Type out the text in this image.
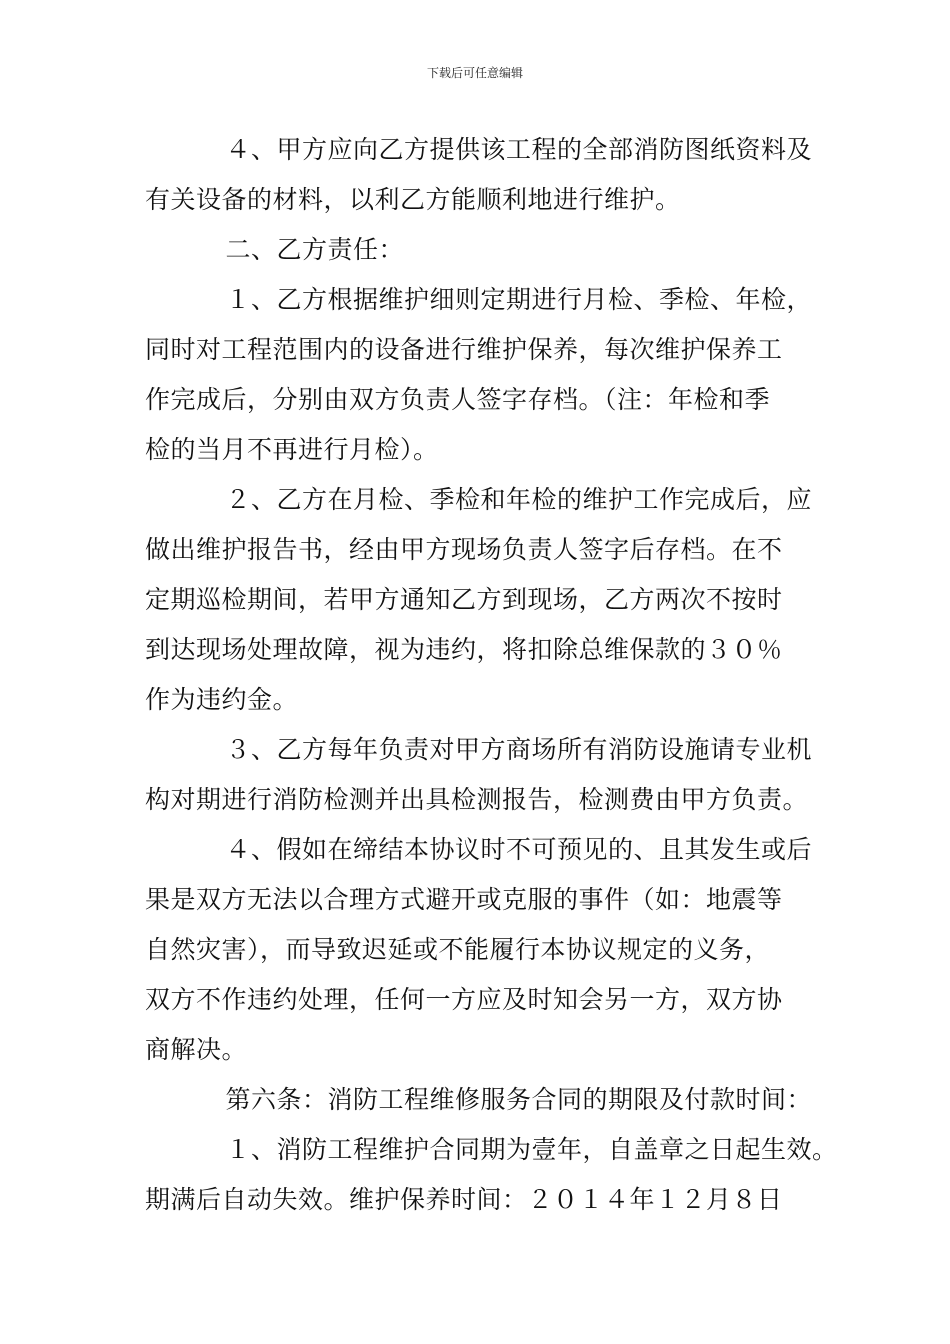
下载后可任意编辑
　４、甲方应向乙方提供该工程的全部消防图纸资料及
有关设备的材料，以利乙方能顺利地进行维护。
　二、乙方责任：
　１、乙方根据维护细则定期进行月检、季检、年检，
同时对工程范围内的设备进行维护保养，每次维护保养工
作完成后，分别由双方负责人签字存档。（注：年检和季
检的当月不再进行月检）。
　２、乙方在月检、季检和年检的维护工作完成后，应
做出维护报告书，经由甲方现场负责人签字后存档。在不
定期巡检期间，若甲方通知乙方到现场，乙方两次不按时
到达现场处理故障，视为违约，将扣除总维保款的３０％
作为违约金。
　３、乙方每年负责对甲方商场所有消防设施请专业机
构对期进行消防检测并出具检测报告，检测费由甲方负责。
　４、假如在缔结本协议时不可预见的、且其发生或后
果是双方无法以合理方式避开或克服的事件（如：地震等
自然灾害），而导致迟延或不能履行本协议规定的义务，
双方不作违约处理，任何一方应及时知会另一方，双方协
商解决。
　第六条：消防工程维修服务合同的期限及付款时间：
　１、消防工程维护合同期为壹年，自盖章之日起生效。
期满后自动失效。维护保养时间：２０１４年１２月８日
